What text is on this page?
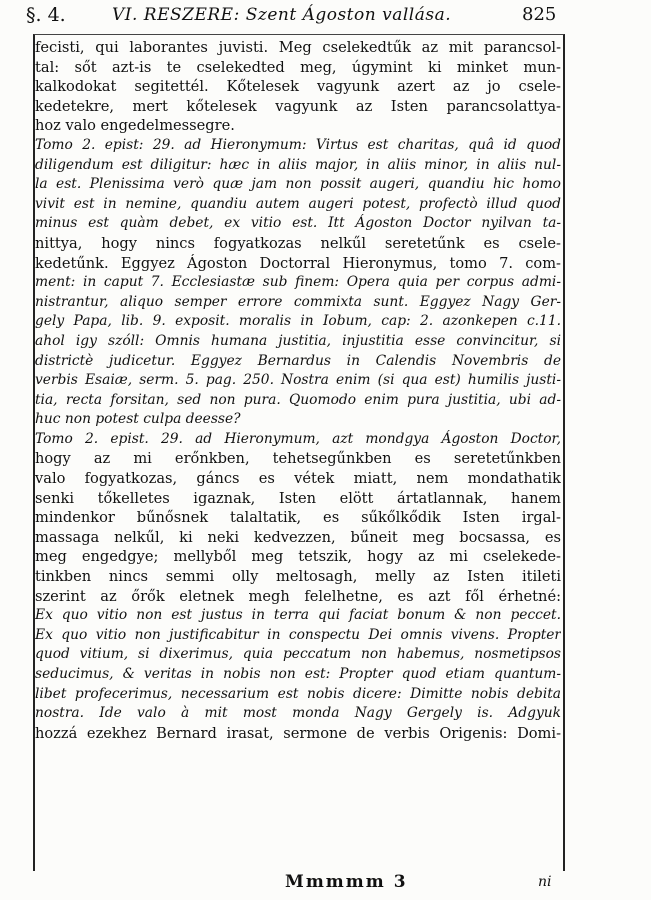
§. 4.	VI. RESZERE: Szent Ágoston vallása.	825
fecisti, qui laborantes juvisti. Meg cselekedtűk az mit parancsol-
tal: sőt azt-is te cselekedted meg, úgymint ki minket mun-
kalkodokat segitettél. Kőtelesek vagyunk azert az jo csele-
kedetekre, mert kőtelesek vagyunk az Isten parancsolattya-
hoz valo engedelmessegre.
Tomo 2. epist: 29. ad Hieronymum: Virtus est charitas, quâ id quod
diligendum est diligitur: hæc in aliis major, in aliis minor, in aliis nul-
la est. Plenissima verò quæ jam non possit augeri, quandiu hic homo
vivit est in nemine, quandiu autem augeri potest, profectò illud quod
minus est quàm debet, ex vitio est. Itt Ágoston Doctor nyilvan ta-
nittya, hogy nincs fogyatkozas nelkűl seretetűnk es csele-
kedetűnk. Eggyez Ágoston Doctorral Hieronymus, tomo 7. com-
ment: in caput 7. Ecclesiastæ sub finem: Opera quia per corpus admi-
nistrantur, aliquo semper errore commixta sunt. Eggyez Nagy Ger-
gely Papa, lib. 9. exposit. moralis in Iobum, cap: 2. azonkepen c.11.
ahol igy szóll: Omnis humana justitia, injustitia esse convincitur, si
districtè judicetur. Eggyez Bernardus in Calendis Novembris de
verbis Esaiæ, serm. 5. pag. 250. Nostra enim (si qua est) humilis justi-
tia, recta forsitan, sed non pura. Quomodo enim pura justitia, ubi ad-
huc non potest culpa deesse?
Tomo 2. epist. 29. ad Hieronymum, azt mondgya Ágoston Doctor,
hogy az mi erőnkben, tehetsegűnkben es seretetűnkben
valo fogyatkozas, gáncs es vétek miatt, nem mondathatik
senki tőkelletes igaznak, Isten elött ártatlannak, hanem
mindenkor bűnősnek talaltatik, es sűkőlkődik Isten irgal-
massaga nelkűl, ki neki kedvezzen, bűneit meg bocsassa, es
meg engedgye; mellyből meg tetszik, hogy az mi cselekede-
tinkben nincs semmi olly meltosagh, melly az Isten itileti
szerint az őrők eletnek megh felelhetne, es azt fől érhetné:
Ex quo vitio non est justus in terra qui faciat bonum & non peccet.
Ex quo vitio non justificabitur in conspectu Dei omnis vivens. Propter
quod vitium, si dixerimus, quia peccatum non habemus, nosmetipsos
seducimus, & veritas in nobis non est: Propter quod etiam quantum-
libet profecerimus, necessarium est nobis dicere: Dimitte nobis debita
nostra. Ide valo à mit most monda Nagy Gergely is. Adgyuk
hozzá ezekhez Bernard irasat, sermone de verbis Origenis: Domi-
Mmmmm 3	ni
